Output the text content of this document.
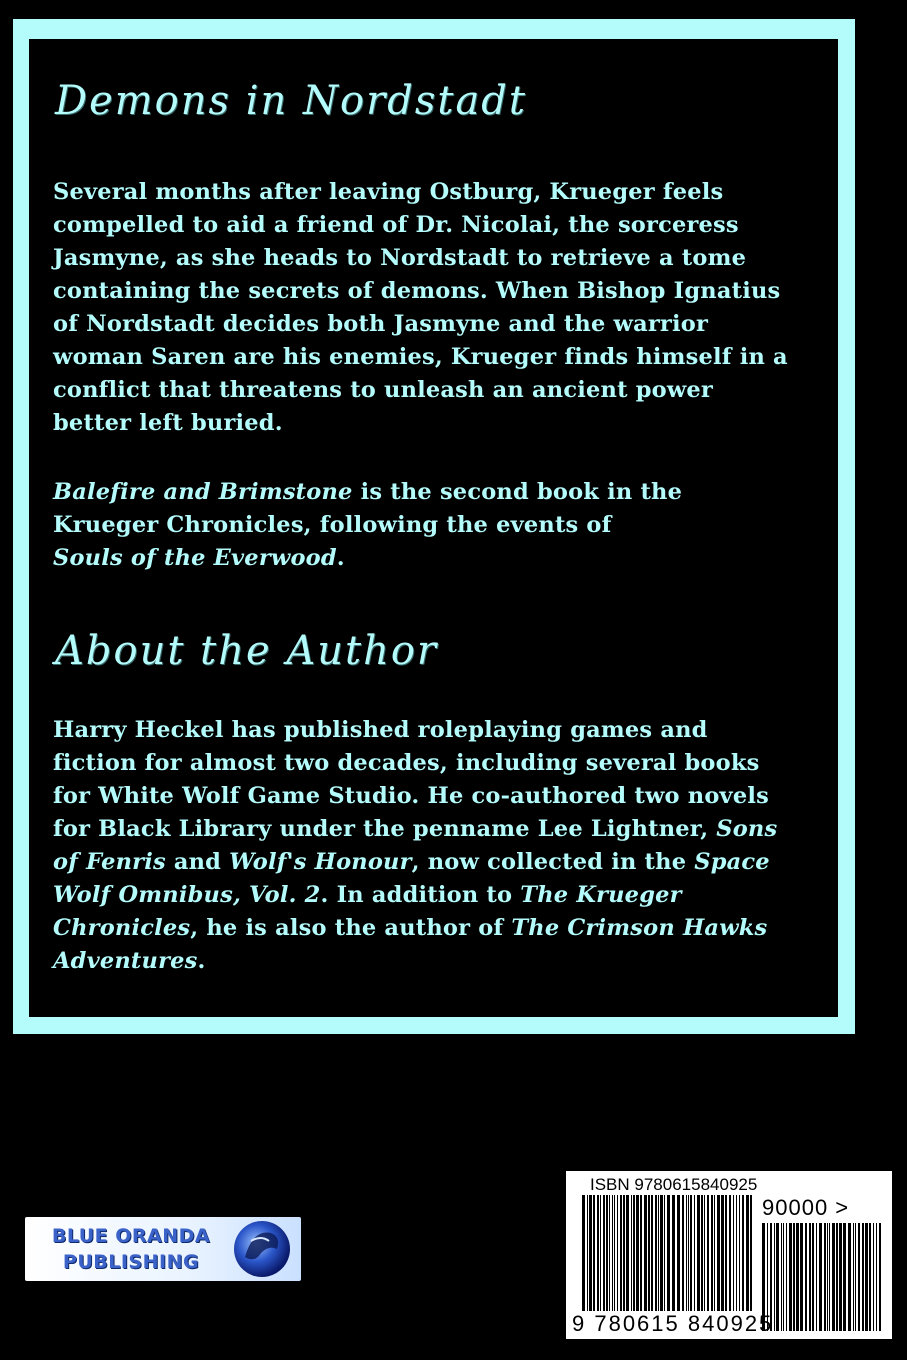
Demons in Nordstadt

Several months after leaving Ostburg, Krueger feels compelled to aid a friend of Dr. Nicolai, the sorceress Jasmyne, as she heads to Nordstadt to retrieve a tome containing the secrets of demons. When Bishop Ignatius of Nordstadt decides both Jasmyne and the warrior woman Saren are his enemies, Krueger finds himself in a conflict that threatens to unleash an ancient power better left buried.

Balefire and Brimstone is the second book in the Krueger Chronicles, following the events of
Souls of the Everwood.

About the Author

Harry Heckel has published roleplaying games and fiction for almost two decades, including several books for White Wolf Game Studio. He co-authored two novels for Black Library under the penname Lee Lightner, Sons of Fenris and Wolf's Honour, now collected in the Space Wolf Omnibus, Vol. 2. In addition to The Krueger Chronicles, he is also the author of The Crimson Hawks Adventures.

BLUE ORANDA
PUBLISHING
ISBN 9780615840925
90000 >
9 780615 840925
